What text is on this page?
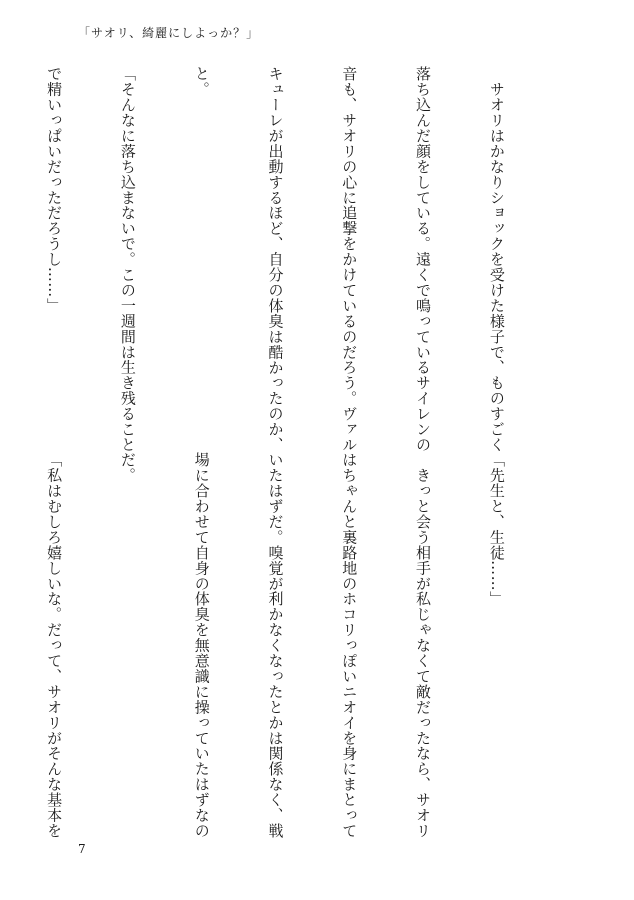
「サオリ、綺麗にしよっか？」

　サオリはかなりショックを受けた様子で、ものすごく

落ち込んだ顔をしている。遠くで鳴っているサイレンの

音も、サオリの心に追撃をかけているのだろう。ヴァル

キューレが出動するほど、自分の体臭は酷かったのか、

と。

「そんなに落ち込まないで。この一週間は生き残ること

で精いっぱいだっただろうし……」

「先生と、生徒……」

　きっと会う相手が私じゃなくて敵だったなら、サオリ

はちゃんと裏路地のホコリっぽいニオイを身にまとって

いたはずだ。嗅覚が利かなくなったとかは関係なく、戦

場に合わせて自身の体臭を無意識に操っていたはずなの

だ。

「私はむしろ嬉しいな。だって、サオリがそんな基本を

7
